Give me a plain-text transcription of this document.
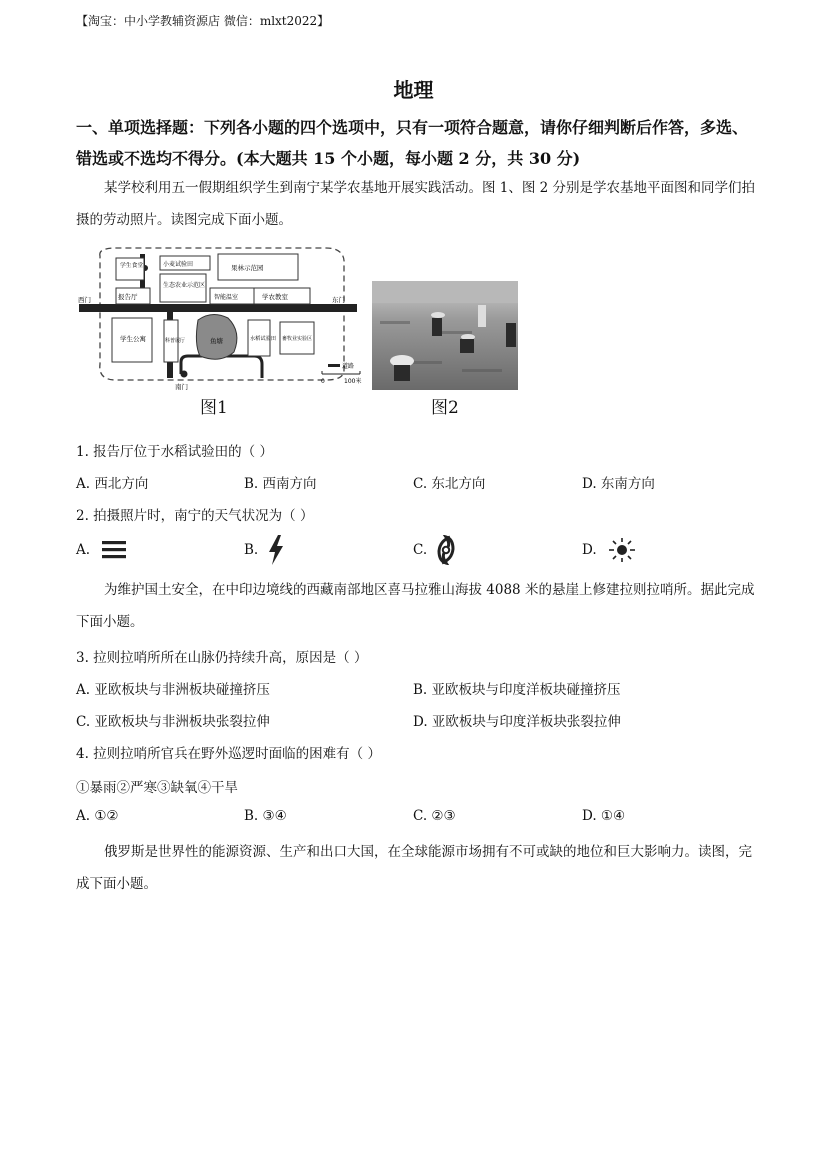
【淘宝：中小学教辅资源店 微信：mlxt2022】
地理
一、单项选择题：下列各小题的四个选项中，只有一项符合题意，请你仔细判断后作答，多选、错选或不选均不得分。(本大题共 15 个小题，每小题 2 分，共 30 分)
某学校利用五一假期组织学生到南宁某学农基地开展实践活动。图 1、图 2 分别是学农基地平面图和同学们拍摄的劳动照片。读图完成下面小题。
西门	东门
南门
学生食堂	小麦试验田	果林示范园
生态农业示范区
智能温室	学农教室
报告厅
学生公寓	科普展厅	鱼塘	水稻试验田 畜牧业实验区
道路
0	100米
图1	图2
1. 报告厅位于水稻试验田的（ ）
A. 西北方向	B. 西南方向	C. 东北方向	D. 东南方向
2. 拍摄照片时，南宁的天气状况为（ ）
A.	B.	C.	D.
为维护国土安全，在中印边境线的西藏南部地区喜马拉雅山海拔 4088 米的悬崖上修建拉则拉哨所。据此完成下面小题。
3. 拉则拉哨所所在山脉仍持续升高，原因是（ ）
A. 亚欧板块与非洲板块碰撞挤压	B. 亚欧板块与印度洋板块碰撞挤压
C. 亚欧板块与非洲板块张裂拉伸	D. 亚欧板块与印度洋板块张裂拉伸
4. 拉则拉哨所官兵在野外巡逻时面临的困难有（ ）
①暴雨②严寒③缺氧④干旱
A. ①②	B. ③④	C. ②③	D. ①④
俄罗斯是世界性的能源资源、生产和出口大国，在全球能源市场拥有不可或缺的地位和巨大影响力。读图，完成下面小题。
